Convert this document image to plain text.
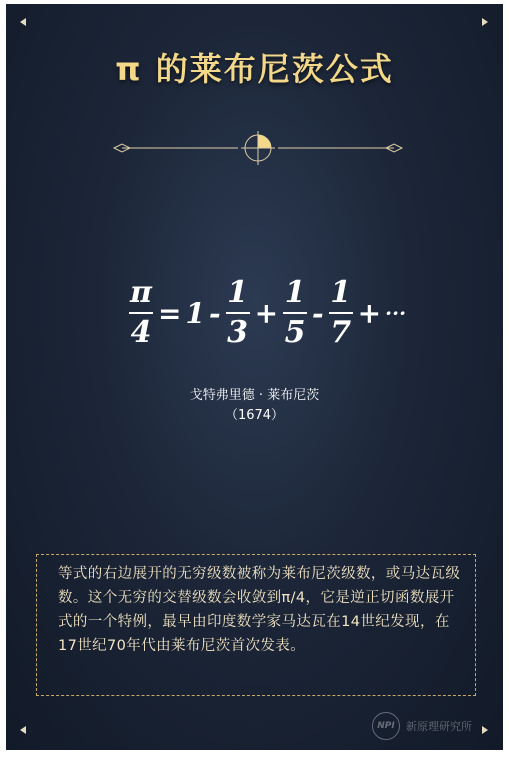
π 的莱布尼茨公式
$\frac{\pi}{4} = 1 - \frac{1}{3} + \frac{1}{5} - \frac{1}{7}$ + ···
戈特弗里德 · 莱布尼茨
（1674）

等式的右边展开的无穷级数被称为莱布尼茨级数，或马达瓦级数。这个无穷的交替级数会收敛到π/4，它是逆正切函数展开式的一个特例，最早由印度数学家马达瓦在14世纪发现，在17世纪70年代由莱布尼茨首次发表。

NPI	新原理研究所
